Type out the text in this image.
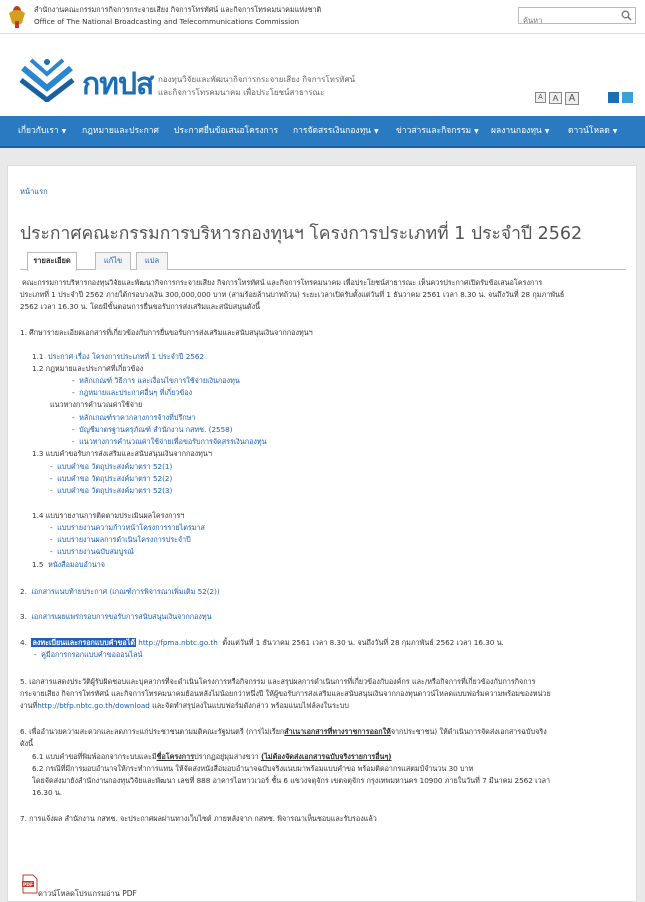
สำนักงานคณะกรรมการกิจการกระจายเสียง กิจการโทรทัศน์ และกิจการโทรคมนาคมแห่งชาติ
Office of The National Broadcasting and Telecommunications Commission
ค้นหา
กทปส กองทุนวิจัยและพัฒนากิจการกระจายเสียง กิจการโทรทัศน์
และกิจการโทรคมนาคม เพื่อประโยชน์สาธารณะ
A	A	A
เกี่ยวกับเรา ▼ กฎหมายและประกาศ ประกาศยื่นข้อเสนอโครงการ การจัดสรรเงินกองทุน ▼ ข่าวสารและกิจกรรม ▼ ผลงานกองทุน ▼ ดาวน์โหลด ▼
หน้าแรก
ประกาศคณะกรรมการบริหารกองทุนฯ โครงการประเภทที่ 1 ประจำปี 2562
รายละเอียด	แก้ไข	แปล
คณะกรรมการบริหารกองทุนวิจัยและพัฒนากิจการกระจายเสียง กิจการโทรทัศน์ และกิจการโทรคมนาคม เพื่อประโยชน์สาธารณะ เห็นควรประกาศเปิดรับข้อเสนอโครงการ
ประเภทที่ 1 ประจำปี 2562 ภายใต้กรอบวงเงิน 300,000,000 บาท (สามร้อยล้านบาทถ้วน) ระยะเวลาเปิดรับตั้งแต่วันที่ 1 ธันวาคม 2561 เวลา 8.30 น. จนถึงวันที่ 28 กุมภาพันธ์
2562 เวลา 16.30 น. โดยมีขั้นตอนการยื่นขอรับการส่งเสริมและสนับสนุนดังนี้
1. ศึกษารายละเอียดเอกสารที่เกี่ยวข้องกับการยื่นขอรับการส่งเสริมและสนับสนุนเงินจากกองทุนฯ
1.1 ประกาศ เรื่อง โครงการประเภทที่ 1 ประจำปี 2562
1.2 กฎหมายและประกาศที่เกี่ยวข้อง
-  หลักเกณฑ์ วิธีการ และเงื่อนไขการใช้จ่ายเงินกองทุน
-  กฎหมายและประกาศอื่นๆ ที่เกี่ยวข้อง
แนวทางการคำนวณค่าใช้จ่าย
-  หลักเกณฑ์ราคากลางการจ้างที่ปรึกษา
-  บัญชีมาตรฐานครุภัณฑ์ สำนักงาน กสทช. (2558)
-  แนวทางการคำนวณค่าใช้จ่ายเพื่อขอรับการจัดสรรเงินกองทุน
1.3 แบบคำขอรับการส่งเสริมและสนับสนุนเงินจากกองทุนฯ
-  แบบคำขอ วัตถุประสงค์มาตรา 52(1)
-  แบบคำขอ วัตถุประสงค์มาตรา 52(2)
-  แบบคำขอ วัตถุประสงค์มาตรา 52(3)
1.4 แบบรายงานการติดตามประเมินผลโครงการฯ
-  แบบรายงานความก้าวหน้าโครงการรายไตรมาส
-  แบบรายงานผลการดำเนินโครงการประจำปี
-  แบบรายงานฉบับสมบูรณ์
1.5 หนังสือมอบอำนาจ
2. เอกสารแนบท้ายประกาศ (เกณฑ์การพิจารณาเพิ่มเติม 52(2))
3. เอกสารเผยแพร่กรอบการขอรับการสนับสนุนเงินจากกองทุน
4. ลงทะเบียนและกรอกแบบคำขอได้ http://fpma.nbtc.go.th ตั้งแต่วันที่ 1 ธันวาคม 2561 เวลา 8.30 น. จนถึงวันที่ 28 กุมภาพันธ์ 2562 เวลา 16.30 น.
-  คู่มือการกรอกแบบคำขอออนไลน์
5. เอกสารแสดงประวัติผู้รับผิดชอบและบุคลากรที่จะดำเนินโครงการหรือกิจกรรม และสรุปผลการดำเนินการที่เกี่ยวข้องกับองค์กร และ/หรือกิจการที่เกี่ยวข้องกับการกิจการ
กระจายเสียง กิจการโทรทัศน์ และกิจการโทรคมนาคมย้อนหลังไม่น้อยกว่าหนึ่งปี ให้ผู้ขอรับการส่งเสริมและสนับสนุนเงินจากกองทุนดาวน์โหลดแบบฟอร์มความพร้อมของหน่วย
งานที่http://btfp.nbtc.go.th/download และจัดทำสรุปลงในแบบฟอร์มดังกล่าว พร้อมแนบไฟล์ลงในระบบ
6. เพื่ออำนวยความสะดวกและลดภาระแก่ประชาชนตามมติคณะรัฐมนตรี (การไม่เรียกสำเนาเอกสารที่ทางราชการออกให้จากประชาชน) ให้ดำเนินการจัดส่งเอกสารฉบับจริง
ดังนี้
6.1 แบบคำขอที่พิมพ์ออกจากระบบและมีชื่อโครงการปรากฏอยู่มุมล่างขวา (ไม่ต้องจัดส่งเอกสารฉบับจริงรายการอื่นๆ)
6.2 กรณีที่มีการมอบอำนาจให้กระทำการแทน ให้จัดส่งหนังสือมอบอำนาจฉบับจริงแนบมาพร้อมแบบคำขอ พร้อมติดอากรแสตมป์จำนวน 30 บาท
โดยจัดส่งมายังสำนักงานกองทุนวิจัยและพัฒนา เลขที่ 888 อาคารไอทาวเวอร์ ชั้น 6 แขวงจตุจักร เขตจตุจักร กรุงเทพมหานคร 10900 ภายในวันที่ 7 มีนาคม 2562 เวลา
16.30 น.
7. การแจ้งผล สำนักงาน กสทช. จะประกาศผลผ่านทางเว็บไซต์ ภายหลังจาก กสทช. พิจารณาเห็นชอบและรับรองแล้ว
PDF
ดาวน์โหลดโปรแกรมอ่าน PDF
